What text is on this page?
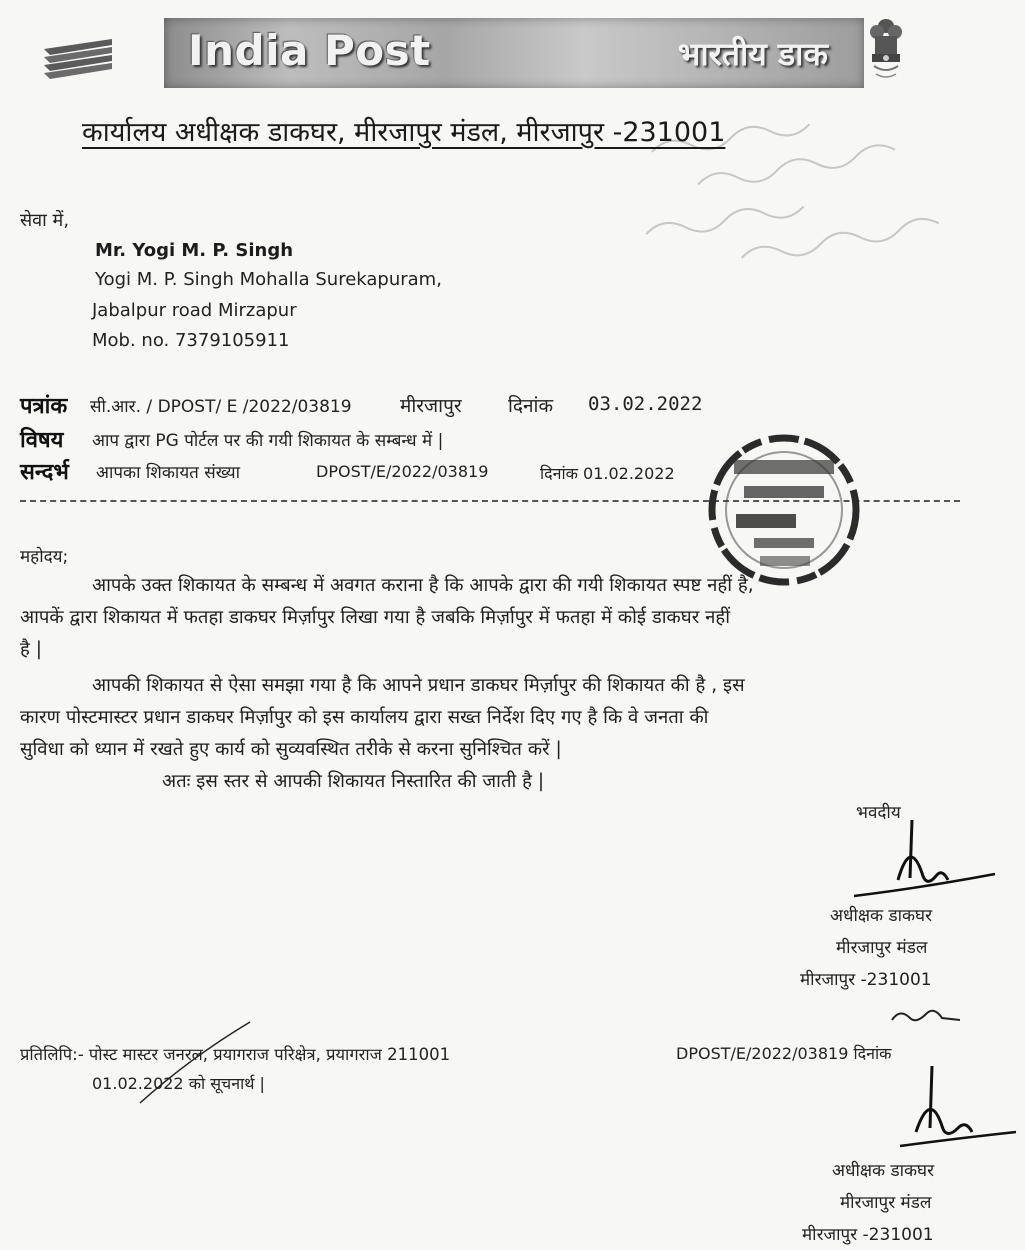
India Post	भारतीय डाक
कार्यालय अधीक्षक डाकघर, मीरजापुर मंडल, मीरजापुर -231001
सेवा में,
Mr. Yogi M. P. Singh
Yogi M. P. Singh Mohalla Surekapuram,
Jabalpur road Mirzapur
Mob. no. 7379105911
पत्रांक सी.आर. / DPOST/ E /2022/03819	मीरजापुर दिनांक 03.02.2022
विषय आप द्वारा PG पोर्टल पर की गयी शिकायत के सम्बन्ध में |
सन्दर्भ आपका शिकायत संख्या	DPOST/E/2022/03819	दिनांक 01.02.2022
महोदय;
आपके उक्त शिकायत के सम्बन्ध में अवगत कराना है कि आपके द्वारा की गयी शिकायत स्पष्ट नहीं है,
आपकें द्वारा शिकायत में फतहा डाकघर मिर्ज़ापुर लिखा गया है जबकि मिर्ज़ापुर में फतहा में कोई डाकघर नहीं
है |
आपकी शिकायत से ऐसा समझा गया है कि आपने प्रधान डाकघर मिर्ज़ापुर की शिकायत की है , इस
कारण पोस्टमास्टर प्रधान डाकघर मिर्ज़ापुर को इस कार्यालय द्वारा सख्त निर्देश दिए गए है कि वे जनता की
सुविधा को ध्यान में रखते हुए कार्य को सुव्यवस्थित तरीके से करना सुनिश्चित करें |
अतः इस स्तर से आपकी शिकायत निस्तारित की जाती है |
भवदीय
अधीक्षक डाकघर
मीरजापुर मंडल
मीरजापुर -231001
प्रतिलिपि:- पोस्ट मास्टर जनरल, प्रयागराज परिक्षेत्र, प्रयागराज 211001	DPOST/E/2022/03819 दिनांक
01.02.2022 को सूचनार्थ |
अधीक्षक डाकघर
मीरजापुर मंडल
मीरजापुर -231001
